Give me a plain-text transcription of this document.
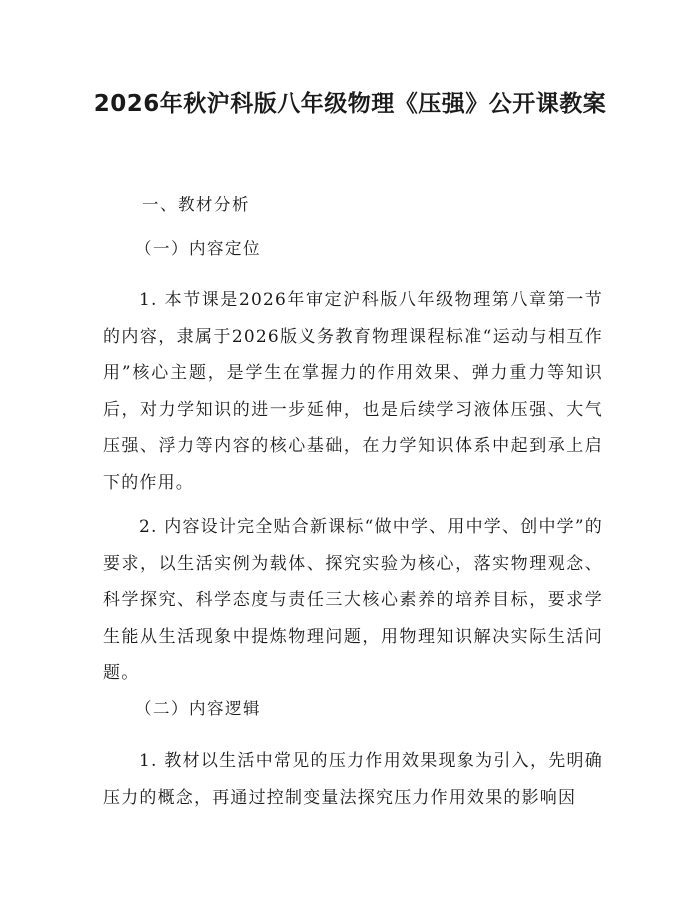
2026年秋沪科版八年级物理《压强》公开课教案
一、教材分析
（一）内容定位

1. 本节课是2026年审定沪科版八年级物理第八章第一节的内容，隶属于2026版义务教育物理课程标准“运动与相互作用”核心主题，是学生在掌握力的作用效果、弹力重力等知识后，对力学知识的进一步延伸，也是后续学习液体压强、大气压强、浮力等内容的核心基础，在力学知识体系中起到承上启下的作用。

2. 内容设计完全贴合新课标“做中学、用中学、创中学”的要求，以生活实例为载体、探究实验为核心，落实物理观念、科学探究、科学态度与责任三大核心素养的培养目标，要求学生能从生活现象中提炼物理问题，用物理知识解决实际生活问题。

（二）内容逻辑

1. 教材以生活中常见的压力作用效果现象为引入，先明确压力的概念，再通过控制变量法探究压力作用效果的影响因
